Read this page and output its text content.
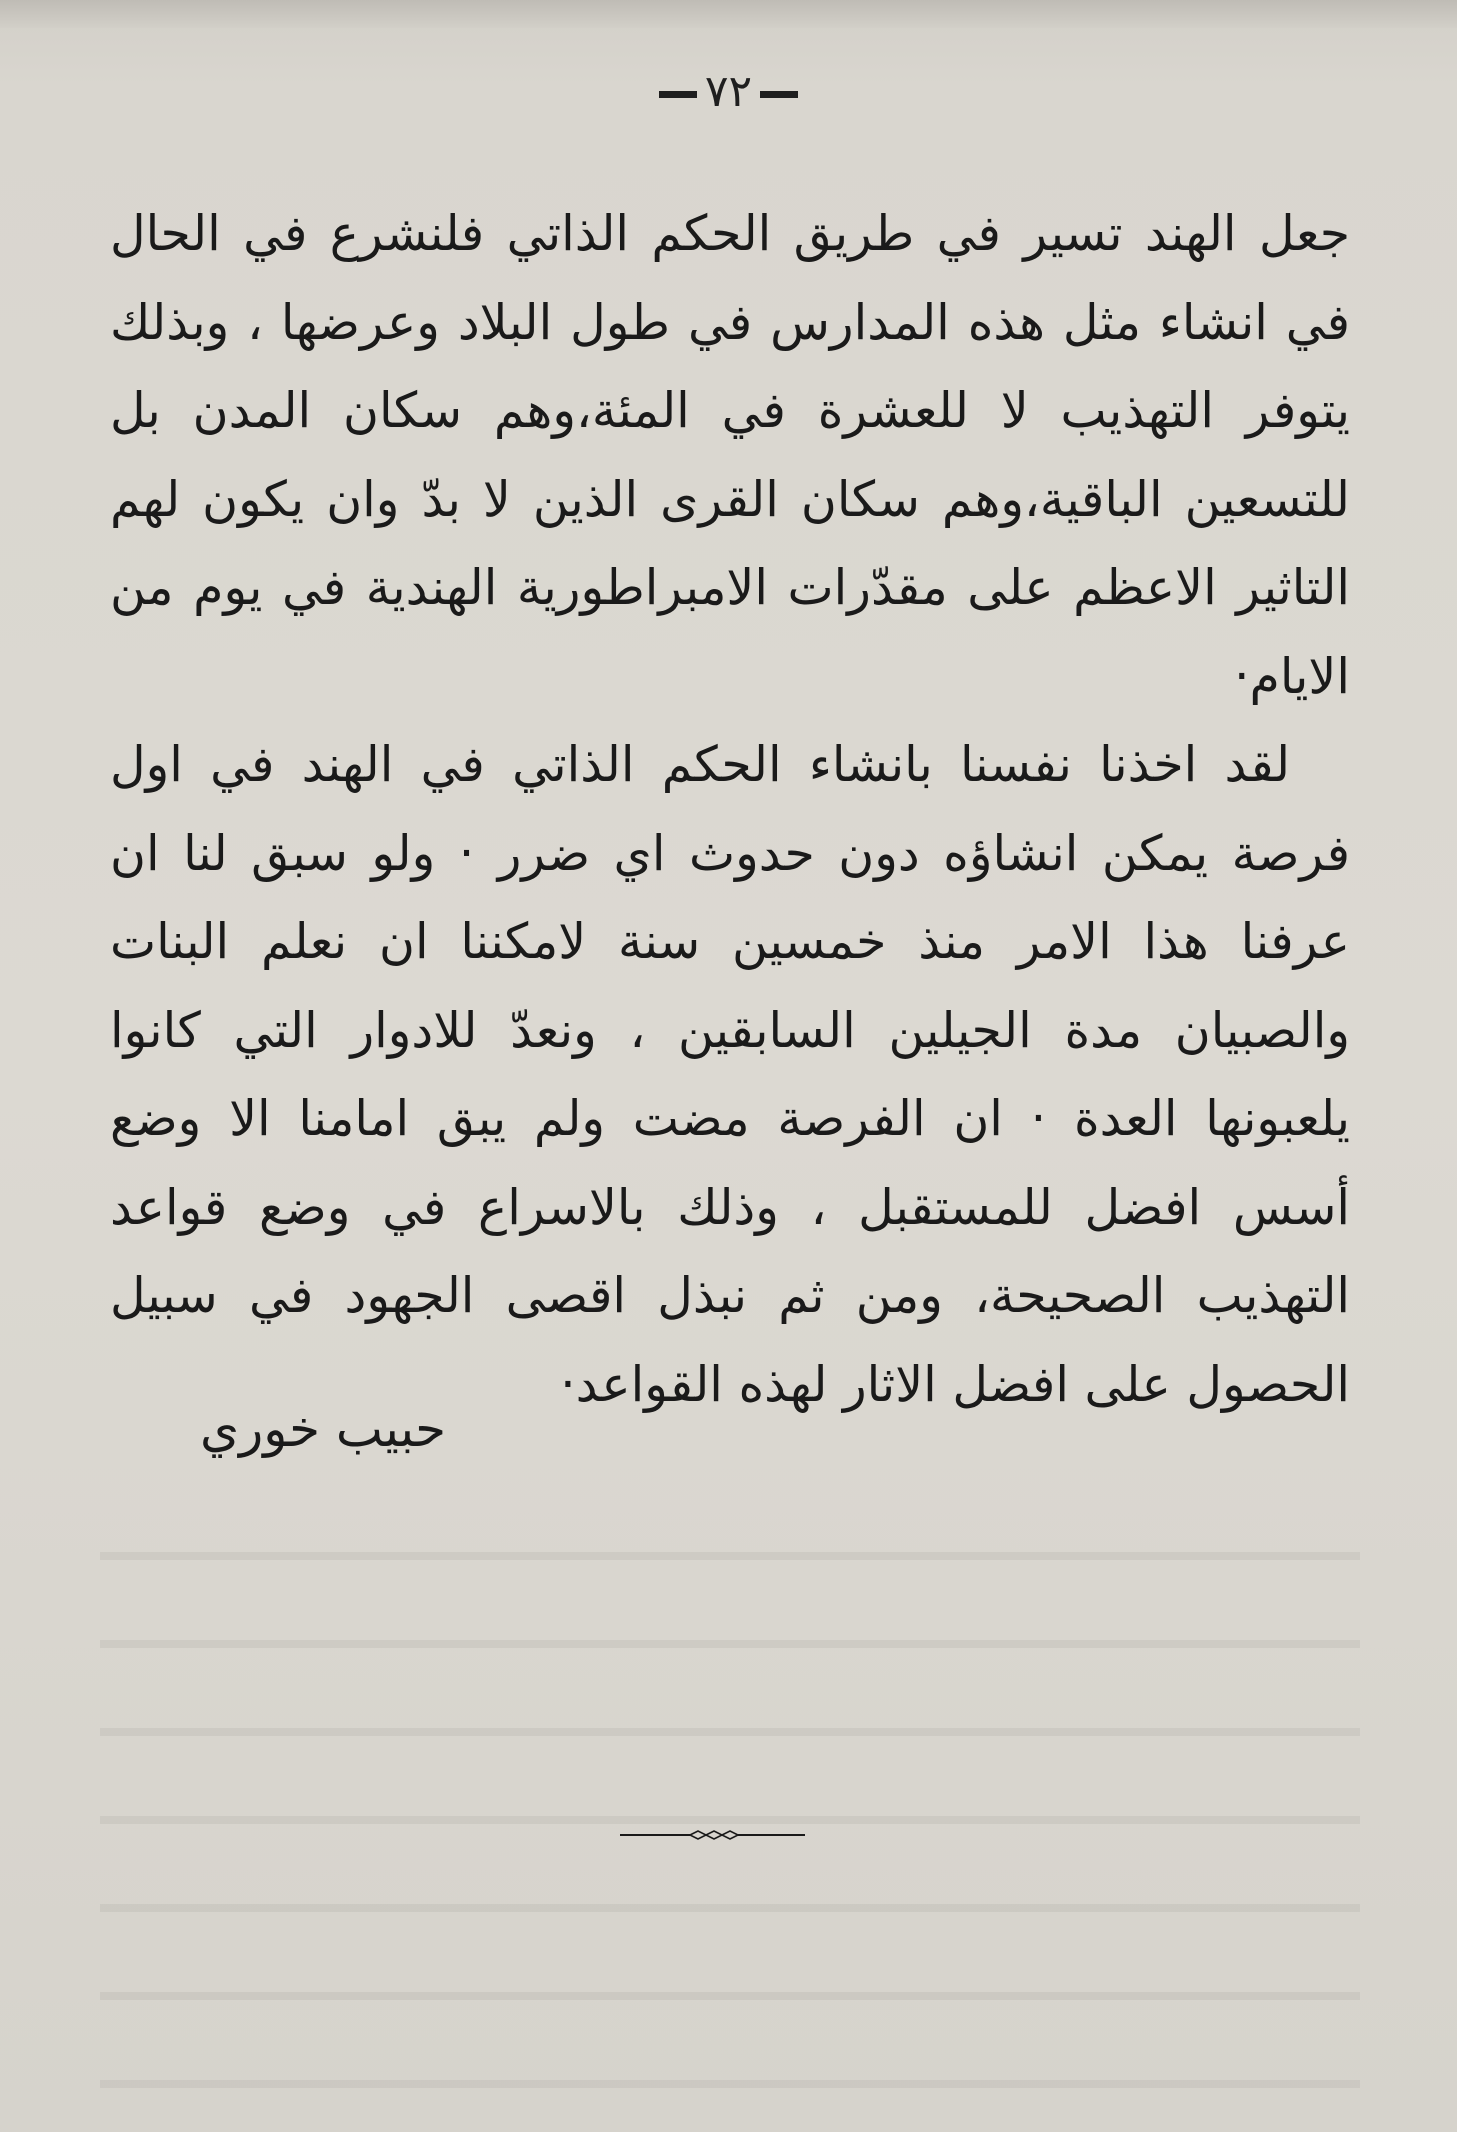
٧٢

جعل الهند تسير في طريق الحكم الذاتي فلنشرع في الحال في انشاء مثل هذه المدارس في طول البلاد وعرضها ، وبذلك يتوفر التهذيب لا للعشرة في المئة،وهم سكان المدن بل للتسعين الباقية،وهم سكان القرى الذين لا بدّ وان يكون لهم التاثير الاعظم على مقدّرات الامبراطورية الهندية في يوم من الايام·

لقد اخذنا نفسنا بانشاء الحكم الذاتي في الهند في اول فرصة يمكن انشاؤه دون حدوث اي ضرر · ولو سبق لنا ان عرفنا هذا الامر منذ خمسين سنة لامكننا ان نعلم البنات والصبيان مدة الجيلين السابقين ، ونعدّ للادوار التي كانوا يلعبونها العدة · ان الفرصة مضت ولم يبق امامنا الا وضع أسس افضل للمستقبل ، وذلك بالاسراع في وضع قواعد التهذيب الصحيحة، ومن ثم نبذل اقصى الجهود في سبيل الحصول على افضل الاثار لهذه القواعد·

حبيب خوري
